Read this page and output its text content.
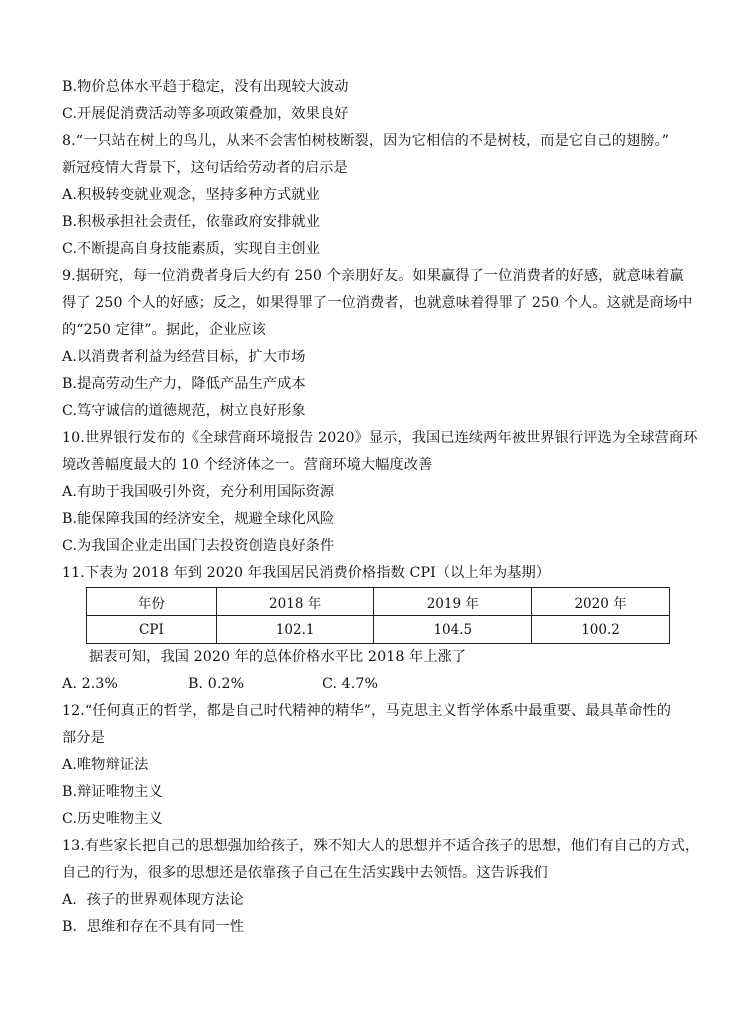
B.物价总体水平趋于稳定，没有出现较大波动
C.开展促消费活动等多项政策叠加，效果良好
8.“一只站在树上的鸟儿，从来不会害怕树枝断裂，因为它相信的不是树枝，而是它自己的翅膀。”
新冠疫情大背景下，这句话给劳动者的启示是
A.积极转变就业观念，坚持多种方式就业
B.积极承担社会责任，依靠政府安排就业
C.不断提高自身技能素质，实现自主创业
9.据研究，每一位消费者身后大约有 250 个亲朋好友。如果赢得了一位消费者的好感，就意味着赢
得了 250 个人的好感；反之，如果得罪了一位消费者，也就意味着得罪了 250 个人。这就是商场中
的“250 定律”。据此，企业应该
A.以消费者利益为经营目标，扩大市场
B.提高劳动生产力，降低产品生产成本
C.笃守诚信的道德规范，树立良好形象
10.世界银行发布的《全球营商环境报告 2020》显示，我国已连续两年被世界银行评选为全球营商环
境改善幅度最大的 10 个经济体之一。营商环境大幅度改善
A.有助于我国吸引外资，充分利用国际资源
B.能保障我国的经济安全，规避全球化风险
C.为我国企业走出国门去投资创造良好条件
11.下表为 2018 年到 2020 年我国居民消费价格指数 CPI（以上年为基期）
年份	2018 年	2019 年	2020 年
CPI	102.1	104.5	100.2
据表可知，我国 2020 年的总体价格水平比 2018 年上涨了
A. 2.3%	B. 0.2%	C. 4.7%
12.“任何真正的哲学，都是自己时代精神的精华”，马克思主义哲学体系中最重要、最具革命性的
部分是
A.唯物辩证法
B.辩证唯物主义
C.历史唯物主义
13.有些家长把自己的思想强加给孩子，殊不知大人的思想并不适合孩子的思想，他们有自己的方式，
自己的行为，很多的思想还是依靠孩子自己在生活实践中去领悟。这告诉我们
A．孩子的世界观体现方法论
B．思维和存在不具有同一性
